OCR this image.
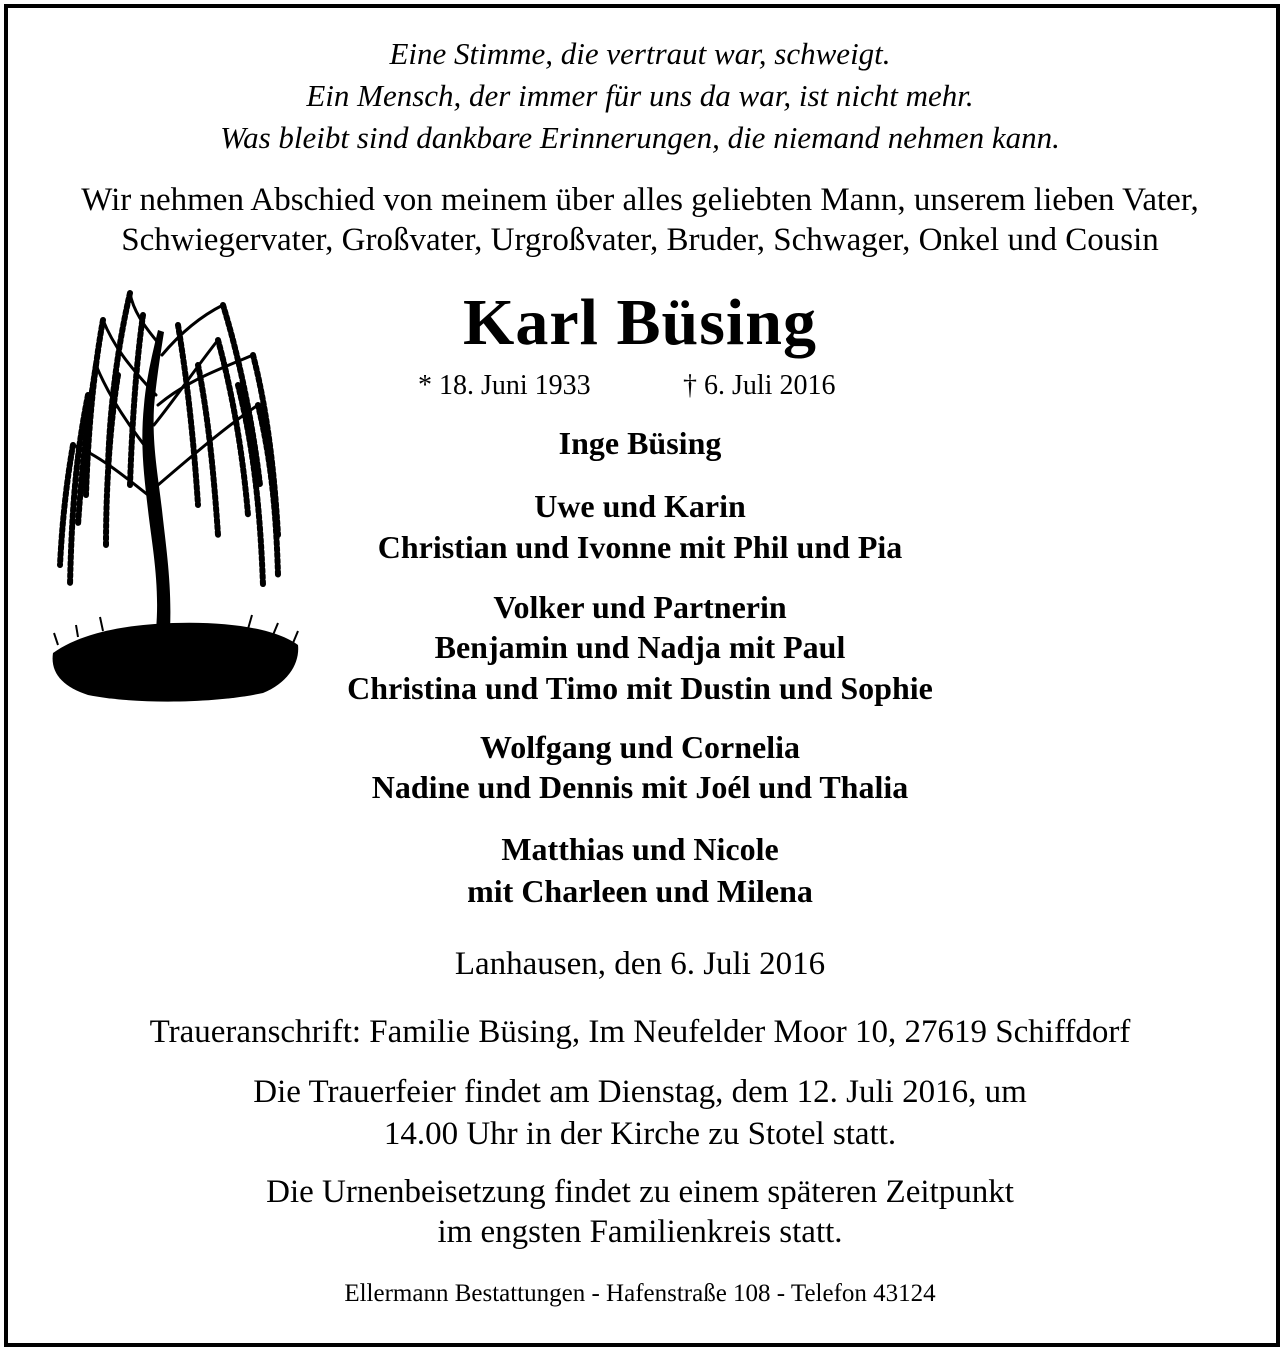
Eine Stimme, die vertraut war, schweigt.
Ein Mensch, der immer für uns da war, ist nicht mehr.
Was bleibt sind dankbare Erinnerungen, die niemand nehmen kann.
Wir nehmen Abschied von meinem über alles geliebten Mann, unserem lieben Vater,
Schwiegervater, Großvater, Urgroßvater, Bruder, Schwager, Onkel und Cousin
Karl Büsing
* 18. Juni 1933	† 6. Juli 2016
Inge Büsing
Uwe und Karin
Christian und Ivonne mit Phil und Pia
Volker und Partnerin
Benjamin und Nadja mit Paul
Christina und Timo mit Dustin und Sophie
Wolfgang und Cornelia
Nadine und Dennis mit Joél und Thalia
Matthias und Nicole
mit Charleen und Milena
Lanhausen, den 6. Juli 2016
Traueranschrift: Familie Büsing, Im Neufelder Moor 10, 27619 Schiffdorf
Die Trauerfeier findet am Dienstag, dem 12. Juli 2016, um
14.00 Uhr in der Kirche zu Stotel statt.
Die Urnenbeisetzung findet zu einem späteren Zeitpunkt
im engsten Familienkreis statt.
Ellermann Bestattungen - Hafenstraße 108 - Telefon 43124
